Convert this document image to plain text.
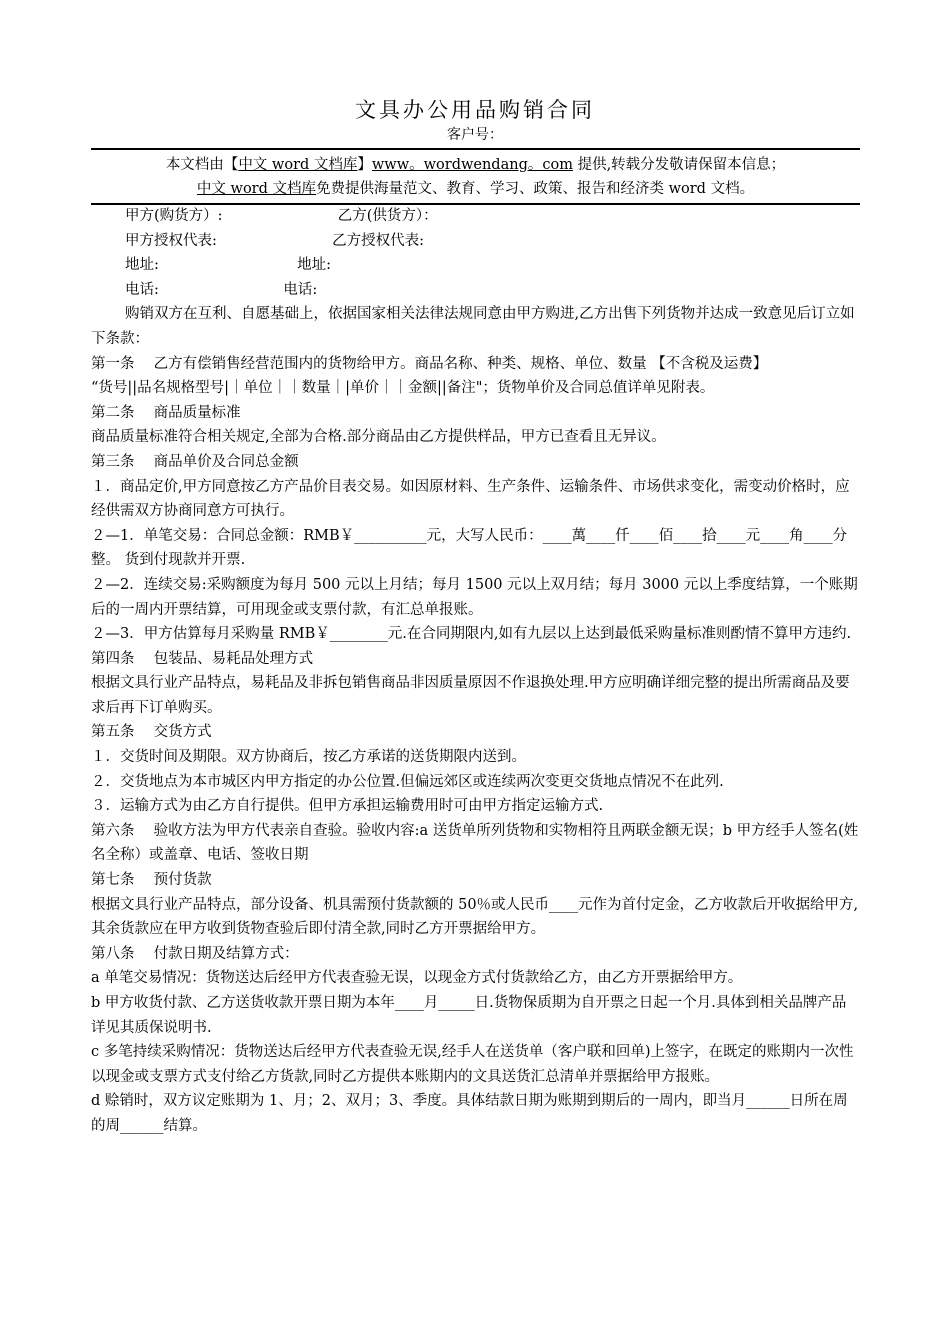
文具办公用品购销合同
客户号：
本文档由【中文 word 文档库】www。wordwendang。com 提供,转载分发敬请保留本信息；
中文 word 文档库免费提供海量范文、教育、学习、政策、报告和经济类 word 文档。

甲方(购货方）:                         乙方(供货方）：

甲方授权代表:                         乙方授权代表:

地址:                              地址:

电话:                           电话:

购销双方在互利、自愿基础上，依据国家相关法律法规同意由甲方购进,乙方出售下列货物并达成一致意见后订立如下条款：

第一条　 乙方有偿销售经营范围内的货物给甲方。商品名称、种类、规格、单位、数量 【不含税及运费】

“货号||品名规格型号|｜单位｜｜数量｜|单价｜｜金额||备注"；货物单价及合同总值详单见附表。

第二条　 商品质量标准

商品质量标准符合相关规定,全部为合格.部分商品由乙方提供样品，甲方已查看且无异议。

第三条　 商品单价及合同总金额

１．商品定价,甲方同意按乙方产品价目表交易。如因原材料、生产条件、运输条件、市场供求变化，需变动价格时，应经供需双方协商同意方可执行。

２—1．单笔交易：合同总金额：RMB￥__________元，大写人民币：____萬____仟____佰____拾____元____角____分整。 货到付现款并开票.

２—2．连续交易:采购额度为每月 500 元以上月结；每月 1500 元以上双月结；每月 3000 元以上季度结算，一个账期后的一周内开票结算，可用现金或支票付款，有汇总单报账。

２—3．甲方估算每月采购量 RMB￥________元.在合同期限内,如有九层以上达到最低采购量标准则酌情不算甲方违约.

第四条　 包装品、易耗品处理方式

根据文具行业产品特点，易耗品及非拆包销售商品非因质量原因不作退换处理.甲方应明确详细完整的提出所需商品及要求后再下订单购买。

第五条　 交货方式

１．交货时间及期限。双方协商后，按乙方承诺的送货期限内送到。

２．交货地点为本市城区内甲方指定的办公位置.但偏远郊区或连续两次变更交货地点情况不在此列.

３．运输方式为由乙方自行提供。但甲方承担运输费用时可由甲方指定运输方式.

第六条　 验收方法为甲方代表亲自查验。验收内容:a 送货单所列货物和实物相符且两联金额无误；b 甲方经手人签名(姓名全称）或盖章、电话、签收日期

第七条　 预付货款

根据文具行业产品特点，部分设备、机具需预付货款额的 50％或人民币____元作为首付定金，乙方收款后开收据给甲方,其余货款应在甲方收到货物查验后即付清全款,同时乙方开票据给甲方。

第八条　 付款日期及结算方式：

a 单笔交易情况：货物送达后经甲方代表查验无误，以现金方式付货款给乙方，由乙方开票据给甲方。

b 甲方收货付款、乙方送货收款开票日期为本年____月_____日.货物保质期为自开票之日起一个月.具体到相关品牌产品详见其质保说明书.

c 多笔持续采购情况：货物送达后经甲方代表查验无误,经手人在送货单（客户联和回单)上签字，在既定的账期内一次性以现金或支票方式支付给乙方货款,同时乙方提供本账期内的文具送货汇总清单并票据给甲方报账。

d 赊销时，双方议定账期为 1、月；2、双月；3、季度。具体结款日期为账期到期后的一周内，即当月______日所在周的周______结算。
